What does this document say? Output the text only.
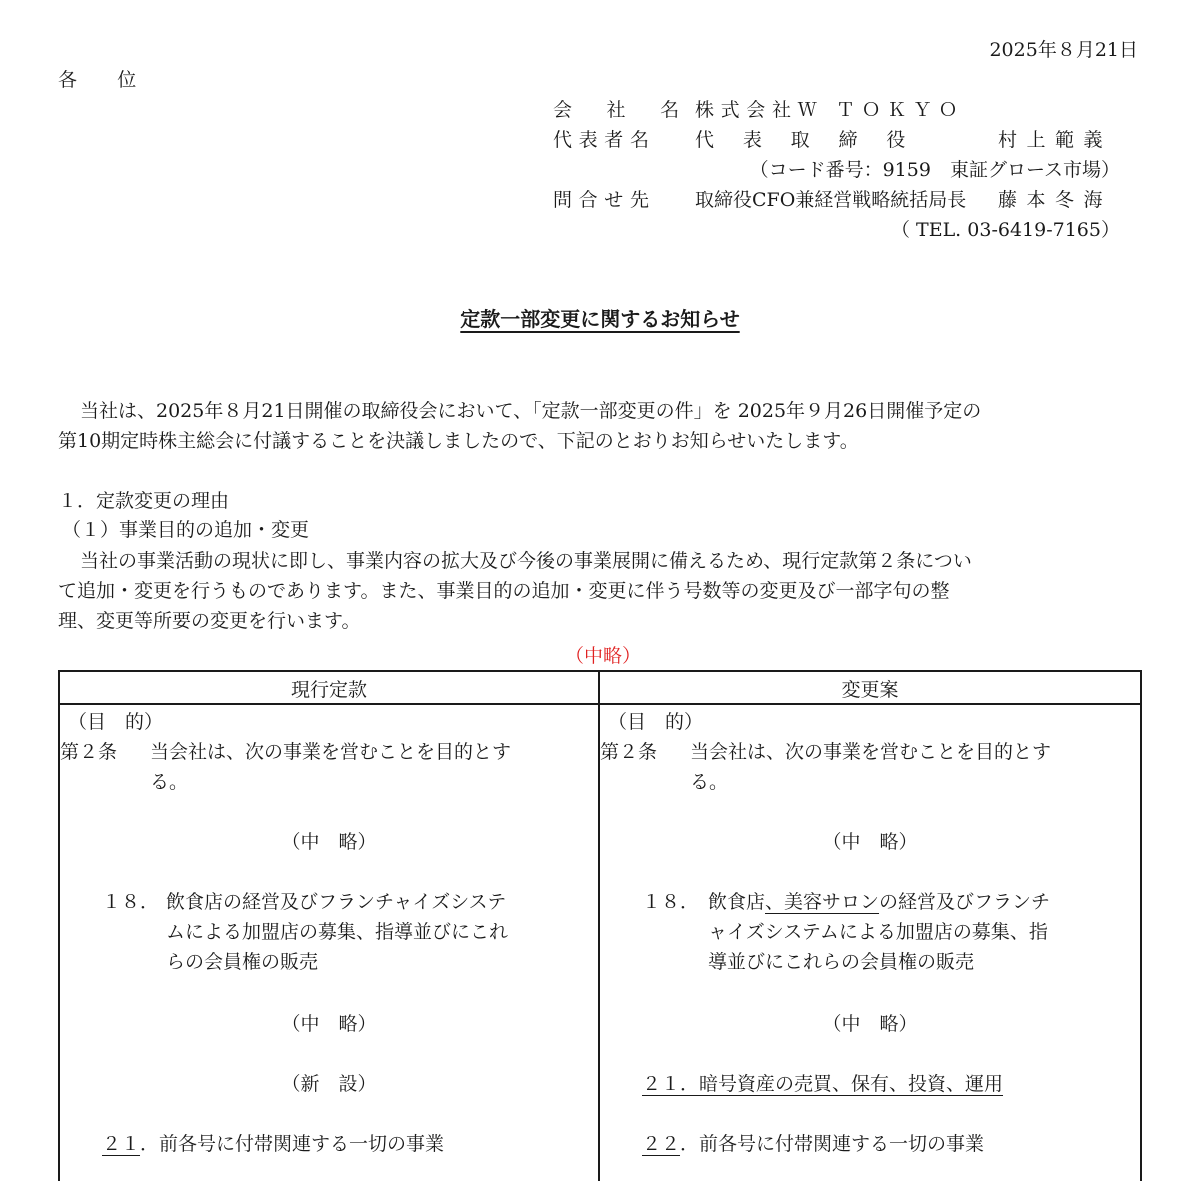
2025年８月21日
各 位
会 社 名 株式会社Ｗ ＴＯＫＹＯ
代表者名 代 表 取 締 役	村上範義
（コード番号：9159　東証グロース市場）
問合せ先 取締役CFO兼経営戦略統括局長 藤本冬海
（ TEL. 03-6419-7165）
定款一部変更に関するお知らせ
当社は、2025年８月21日開催の取締役会において、「定款一部変更の件」を 2025年９月26日開催予定の
第10期定時株主総会に付議することを決議しましたので、下記のとおりお知らせいたします。
１．定款変更の理由
（１）事業目的の追加・変更
当社の事業活動の現状に即し、事業内容の拡大及び今後の事業展開に備えるため、現行定款第２条につい
て追加・変更を行うものであります。また、事業目的の追加・変更に伴う号数等の変更及び一部字句の整
理、変更等所要の変更を行います。
（中略）
現行定款	変更案
（目　的）
第２条 当会社は、次の事業を営むことを目的とす
る。
（中　略）
１８． 飲食店の経営及びフランチャイズシステ
ムによる加盟店の募集、指導並びにこれ
らの会員権の販売
（中　略）
（新　設）
２１．前各号に付帯関連する一切の事業
（目　的）
第２条 当会社は、次の事業を営むことを目的とす
る。
（中　略）
１８． 飲食店、美容サロンの経営及びフランチ
ャイズシステムによる加盟店の募集、指
導並びにこれらの会員権の販売
（中　略）
２１．暗号資産の売買、保有、投資、運用
２２．前各号に付帯関連する一切の事業
